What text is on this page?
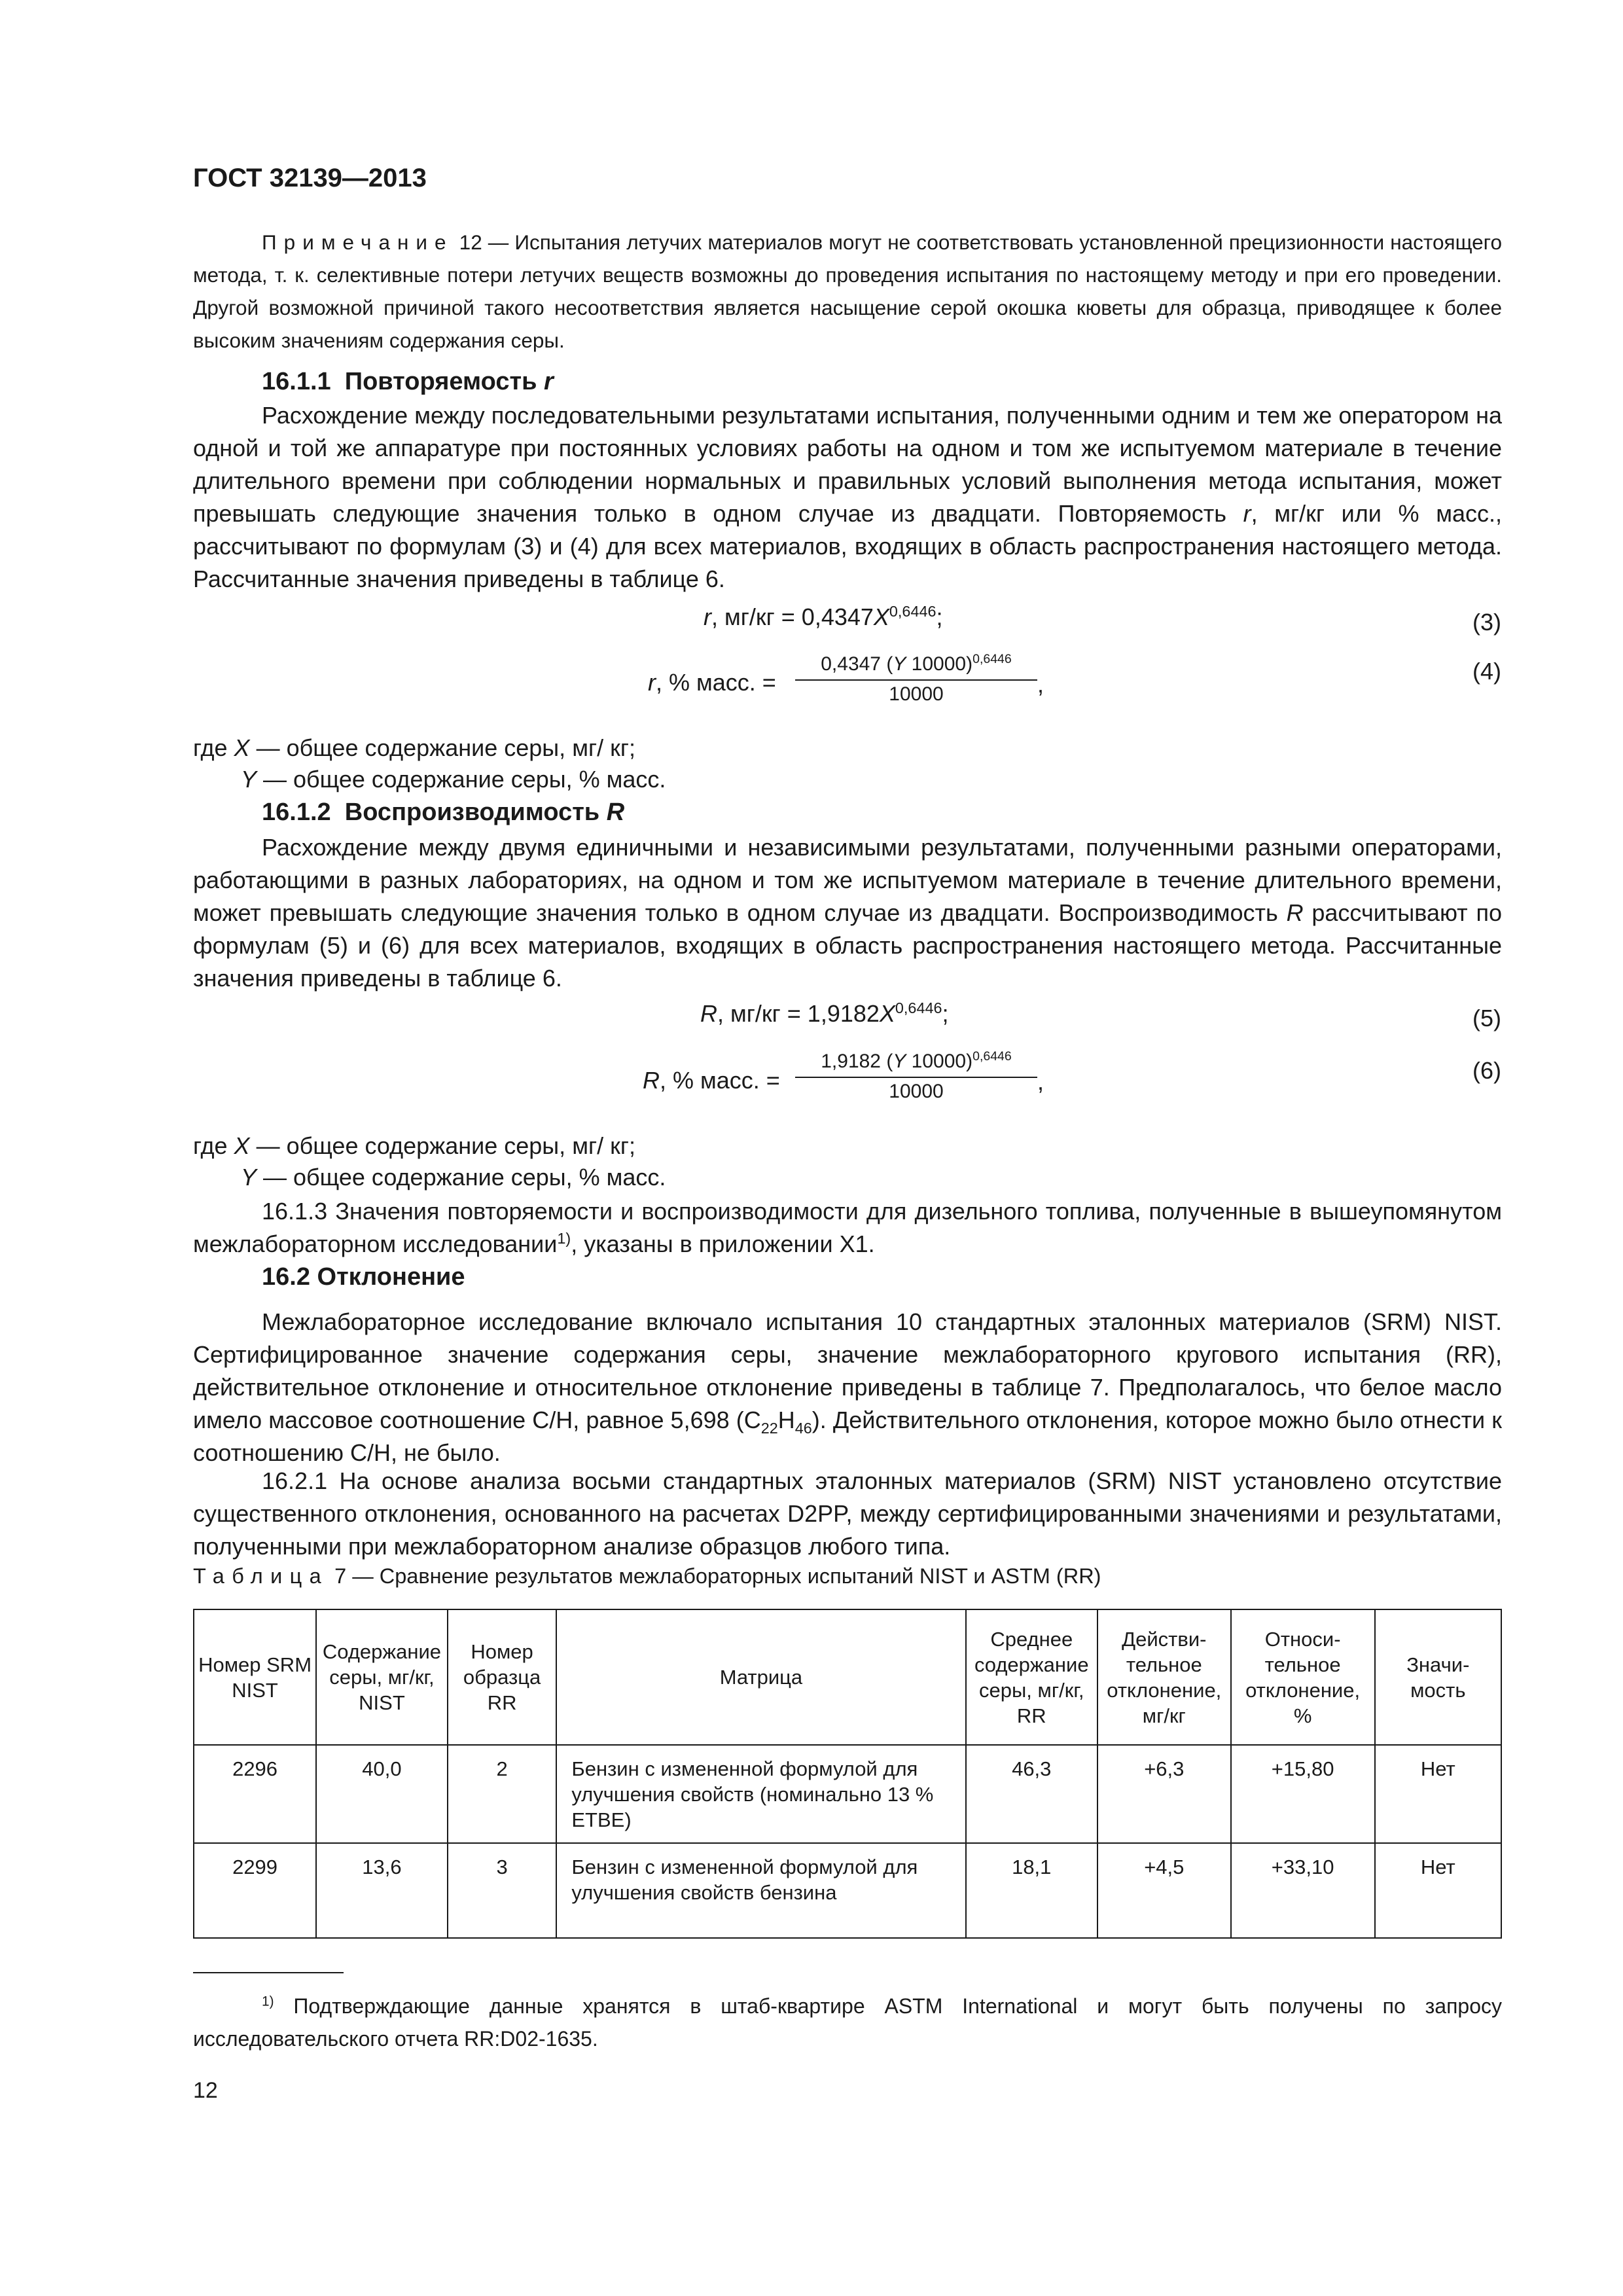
ГОСТ 32139—2013

Примечание 12 — Испытания летучих материалов могут не соответствовать установленной прецизионности настоящего метода, т. к. селективные потери летучих веществ возможны до проведения испытания по настоящему методу и при его проведении. Другой возможной причиной такого несоответствия является насыщение серой окошка кюветы для образца, приводящее к более высоким значениям содержания серы.

16.1.1 Повторяемость r

Расхождение между последовательными результатами испытания, полученными одним и тем же оператором на одной и той же аппаратуре при постоянных условиях работы на одном и том же испытуемом материале в течение длительного времени при соблюдении нормальных и правильных условий выполнения метода испытания, может превышать следующие значения только в одном случае из двадцати. Повторяемость r, мг/кг или % масс., рассчитывают по формулам (3) и (4) для всех материалов, входящих в область распространения настоящего метода. Рассчитанные значения приведены в таблице 6.

r, $мг/кг = 0,4347X^{0,6446}$;	(3)
r, % масс. = $\frac{0,4347 (Y 10000)^{0,6446}}{10000}$ ,	(4)
где X — общее содержание серы, мг/ кг;
Y — общее содержание серы, % масс.
16.1.2 Воспроизводимость R

Расхождение между двумя единичными и независимыми результатами, полученными разными операторами, работающими в разных лабораториях, на одном и том же испытуемом материале в течение длительного времени, может превышать следующие значения только в одном случае из двадцати. Воспроизводимость R рассчитывают по формулам (5) и (6) для всех материалов, входящих в область распространения настоящего метода. Рассчитанные значения приведены в таблице 6.

R, $мг/кг = 1,9182X^{0,6446}$;	(5)
R, % масс. = $\frac{1,9182 (Y 10000)^{0,6446}}{10000}$ ,	(6)
где X — общее содержание серы, мг/ кг;
Y — общее содержание серы, % масс.

16.1.3 Значения повторяемости и воспроизводимости для дизельного топлива, полученные в вышеупомянутом межлабораторном исследовании$^{1)}$, указаны в приложении Х1.

16.2 Отклонение

Межлабораторное исследование включало испытания 10 стандартных эталонных материалов (SRM) NIST. Сертифицированное значение содержания серы, значение межлабораторного кругового испытания (RR), действительное отклонение и относительное отклонение приведены в таблице 7. Предполагалось, что белое масло имело массовое соотношение С/Н, равное 5,698 $(С_{22}Н_{46})$. Действительного отклонения, которое можно было отнести к соотношению С/Н, не было.

16.2.1 На основе анализа восьми стандартных эталонных материалов (SRM) NIST установлено отсутствие существенного отклонения, основанного на расчетах D2PP, между сертифицированными значениями и результатами, полученными при межлабораторном анализе образцов любого типа.

Таблица 7 — Сравнение результатов межлабораторных испытаний NIST и ASTM (RR)
Номер SRM NIST	Содержание серы, мг/кг, NIST	Номер образца RR	Матрица	Среднее содержание серы, мг/кг, RR	Действи-тельное отклонение, мг/кг	Относи-тельное отклонение, %	Значи-мость
2296	40,0	2	Бензин с измененной формулой для улучшения свойств (номинально 13 % ЕТВЕ)	46,3	+6,3	+15,80	Нет
2299	13,6	3	Бензин с измененной формулой для улучшения свойств бензина	18,1	+4,5	+33,10	Нет

$^{1)}$ Подтверждающие данные хранятся в штаб-квартире ASTM International и могут быть получены по запросу исследовательского отчета RR:D02-1635.

12
